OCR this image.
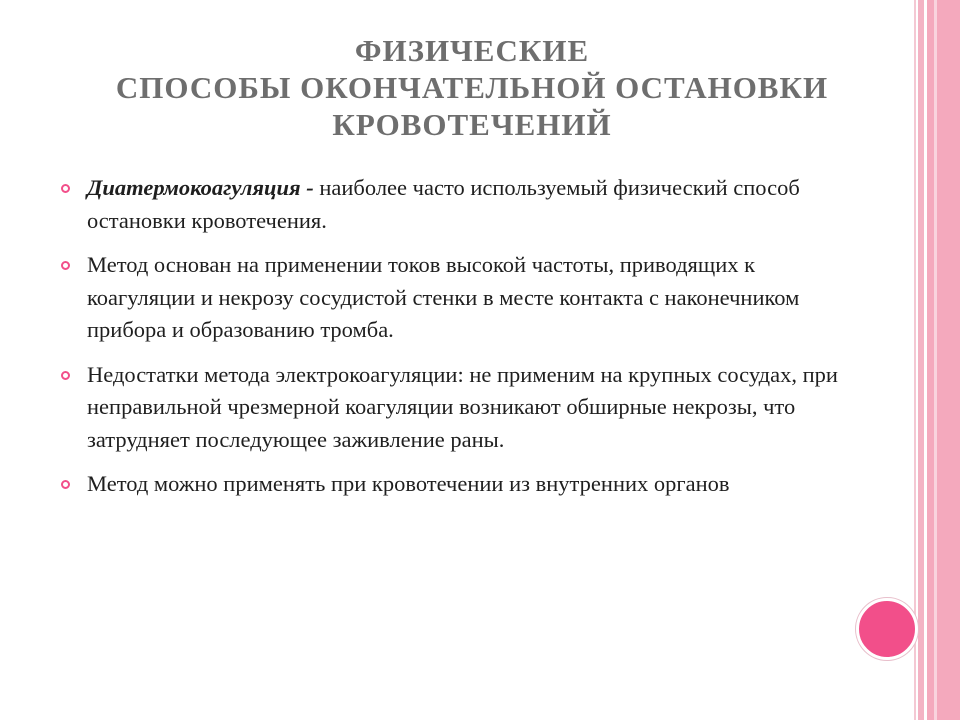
ФИЗИЧЕСКИЕ
СПОСОБЫ ОКОНЧАТЕЛЬНОЙ ОСТАНОВКИ
КРОВОТЕЧЕНИЙ
Диатермокоагуляция - наиболее часто используемый физический способ остановки кровотечения.
Метод основан на применении токов высокой частоты, приводящих к коагуляции и некрозу сосудистой стенки в месте контакта с наконечником прибора и образованию тромба.
Недостатки метода электрокоагуляции: не применим на крупных сосудах, при неправильной чрезмерной коагуляции возникают обширные некрозы, что затрудняет последующее заживление раны.
Метод можно применять при кровотечении из внутренних органов
